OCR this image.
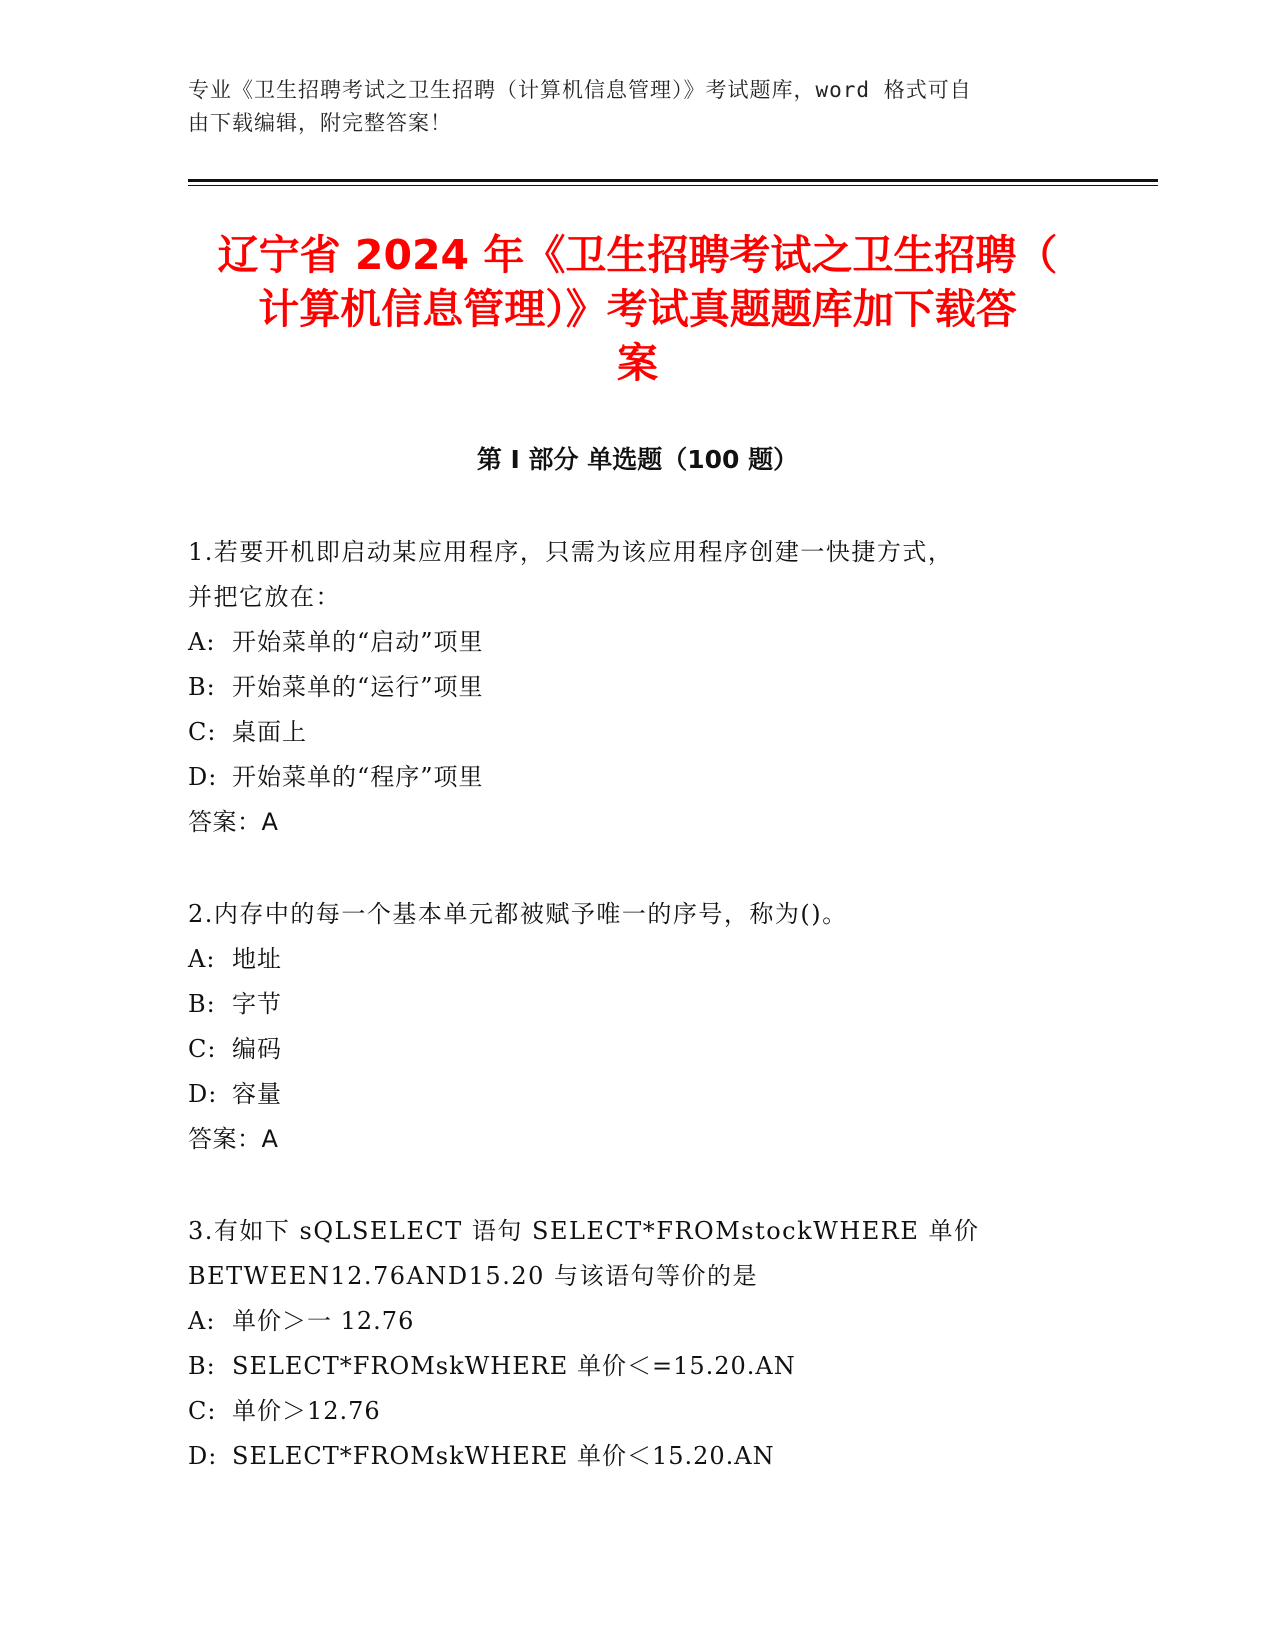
专业《卫生招聘考试之卫生招聘（计算机信息管理）》考试题库，word 格式可自
由下载编辑，附完整答案！
辽宁省 2024 年《卫生招聘考试之卫生招聘（
计算机信息管理）》考试真题题库加下载答
案
第 I 部分 单选题（100 题）
1.若要开机即启动某应用程序，只需为该应用程序创建一快捷方式，
并把它放在：
A: 开始菜单的“启动”项里
B: 开始菜单的“运行”项里
C: 桌面上
D: 开始菜单的“程序”项里
答案：A
2.内存中的每一个基本单元都被赋予唯一的序号，称为()。
A: 地址
B: 字节
C: 编码
D: 容量
答案：A
3.有如下 sQLSELECT 语句 SELECT*FROMstockWHERE 单价
BETWEEN12.76AND15.20 与该语句等价的是
A: 单价＞一 12.76
B: SELECT*FROMskWHERE 单价＜=15.20.AN
C: 单价＞12.76
D: SELECT*FROMskWHERE 单价＜15.20.AN
